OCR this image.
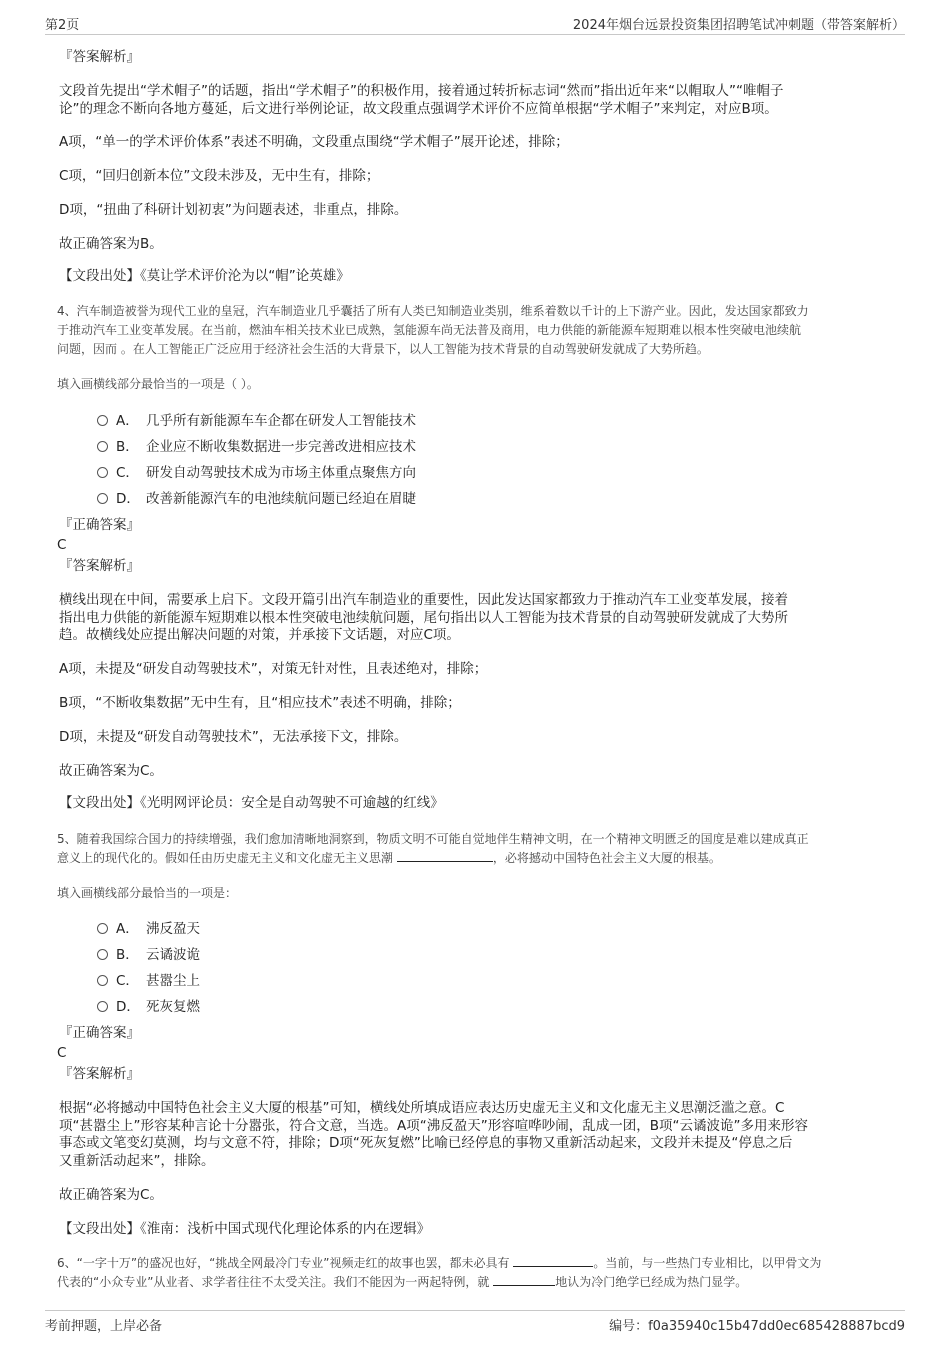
第2页	2024年烟台远景投资集团招聘笔试冲刺题（带答案解析）
『答案解析』
文段首先提出“学术帽子”的话题，指出“学术帽子”的积极作用，接着通过转折标志词“然而”指出近年来“以帽取人”“唯帽子
论”的理念不断向各地方蔓延，后文进行举例论证，故文段重点强调学术评价不应简单根据“学术帽子”来判定，对应B项。
A项，“单一的学术评价体系”表述不明确，文段重点围绕“学术帽子”展开论述，排除；
C项，“回归创新本位”文段未涉及，无中生有，排除；
D项，“扭曲了科研计划初衷”为问题表述，非重点，排除。
故正确答案为B。
【文段出处】《莫让学术评价沦为以“帽”论英雄》
4、汽车制造被誉为现代工业的皇冠，汽车制造业几乎囊括了所有人类已知制造业类别，维系着数以千计的上下游产业。因此，发达国家都致力
于推动汽车工业变革发展。在当前，燃油车相关技术业已成熟，氢能源车尚无法普及商用，电力供能的新能源车短期难以根本性突破电池续航
问题，因而 。在人工智能正广泛应用于经济社会生活的大背景下，以人工智能为技术背景的自动驾驶研发就成了大势所趋。
填入画横线部分最恰当的一项是（ ）。
A． 几乎所有新能源车车企都在研发人工智能技术
B． 企业应不断收集数据进一步完善改进相应技术
C． 研发自动驾驶技术成为市场主体重点聚焦方向
D． 改善新能源汽车的电池续航问题已经迫在眉睫
『正确答案』
C
『答案解析』
横线出现在中间，需要承上启下。文段开篇引出汽车制造业的重要性，因此发达国家都致力于推动汽车工业变革发展，接着
指出电力供能的新能源车短期难以根本性突破电池续航问题，尾句指出以人工智能为技术背景的自动驾驶研发就成了大势所
趋。故横线处应提出解决问题的对策，并承接下文话题，对应C项。
A项，未提及“研发自动驾驶技术”，对策无针对性，且表述绝对，排除；
B项，“不断收集数据”无中生有，且“相应技术”表述不明确，排除；
D项，未提及“研发自动驾驶技术”，无法承接下文，排除。
故正确答案为C。
【文段出处】《光明网评论员：安全是自动驾驶不可逾越的红线》
5、随着我国综合国力的持续增强，我们愈加清晰地洞察到，物质文明不可能自觉地伴生精神文明，在一个精神文明匮乏的国度是难以建成真正
意义上的现代化的。假如任由历史虚无主义和文化虚无主义思潮	，必将撼动中国特色社会主义大厦的根基。
填入画横线部分最恰当的一项是：
A． 沸反盈天
B． 云谲波诡
C． 甚嚣尘上
D． 死灰复燃
『正确答案』
C
『答案解析』
根据“必将撼动中国特色社会主义大厦的根基”可知，横线处所填成语应表达历史虚无主义和文化虚无主义思潮泛滥之意。C
项“甚嚣尘上”形容某种言论十分嚣张，符合文意，当选。A项“沸反盈天”形容喧哗吵闹，乱成一团，B项“云谲波诡”多用来形容
事态或文笔变幻莫测，均与文意不符，排除；D项“死灰复燃”比喻已经停息的事物又重新活动起来，文段并未提及“停息之后
又重新活动起来”，排除。
故正确答案为C。
【文段出处】《淮南：浅析中国式现代化理论体系的内在逻辑》
6、“一字十万”的盛况也好，“挑战全网最冷门专业”视频走红的故事也罢，都未必具有	。当前，与一些热门专业相比，以甲骨文为
代表的“小众专业”从业者、求学者往往不太受关注。我们不能因为一两起特例，就	地认为冷门绝学已经成为热门显学。
考前押题，上岸必备	编号：f0a35940c15b47dd0ec685428887bcd9
